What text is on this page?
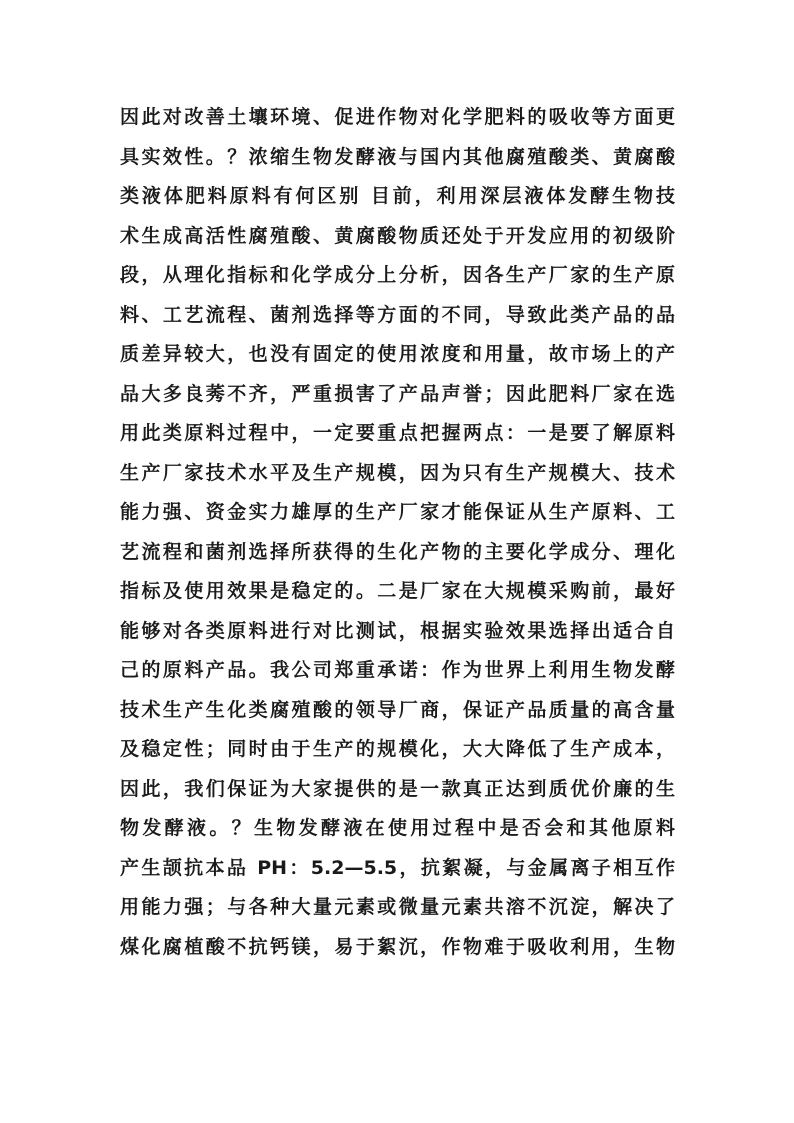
因此对改善土壤环境、促进作物对化学肥料的吸收等方面更
具实效性。？浓缩生物发酵液与国内其他腐殖酸类、黄腐酸
类液体肥料原料有何区别 目前，利用深层液体发酵生物技
术生成高活性腐殖酸、黄腐酸物质还处于开发应用的初级阶
段，从理化指标和化学成分上分析，因各生产厂家的生产原
料、工艺流程、菌剂选择等方面的不同，导致此类产品的品
质差异较大，也没有固定的使用浓度和用量，故市场上的产
品大多良莠不齐，严重损害了产品声誉；因此肥料厂家在选
用此类原料过程中，一定要重点把握两点：一是要了解原料
生产厂家技术水平及生产规模，因为只有生产规模大、技术
能力强、资金实力雄厚的生产厂家才能保证从生产原料、工
艺流程和菌剂选择所获得的生化产物的主要化学成分、理化
指标及使用效果是稳定的。二是厂家在大规模采购前，最好
能够对各类原料进行对比测试，根据实验效果选择出适合自
己的原料产品。我公司郑重承诺：作为世界上利用生物发酵
技术生产生化类腐殖酸的领导厂商，保证产品质量的高含量
及稳定性；同时由于生产的规模化，大大降低了生产成本，
因此，我们保证为大家提供的是一款真正达到质优价廉的生
物发酵液。？生物发酵液在使用过程中是否会和其他原料
产生颉抗本品 PH：5.2—5.5，抗絮凝，与金属离子相互作
用能力强；与各种大量元素或微量元素共溶不沉淀，解决了
煤化腐植酸不抗钙镁，易于絮沉，作物难于吸收利用，生物
